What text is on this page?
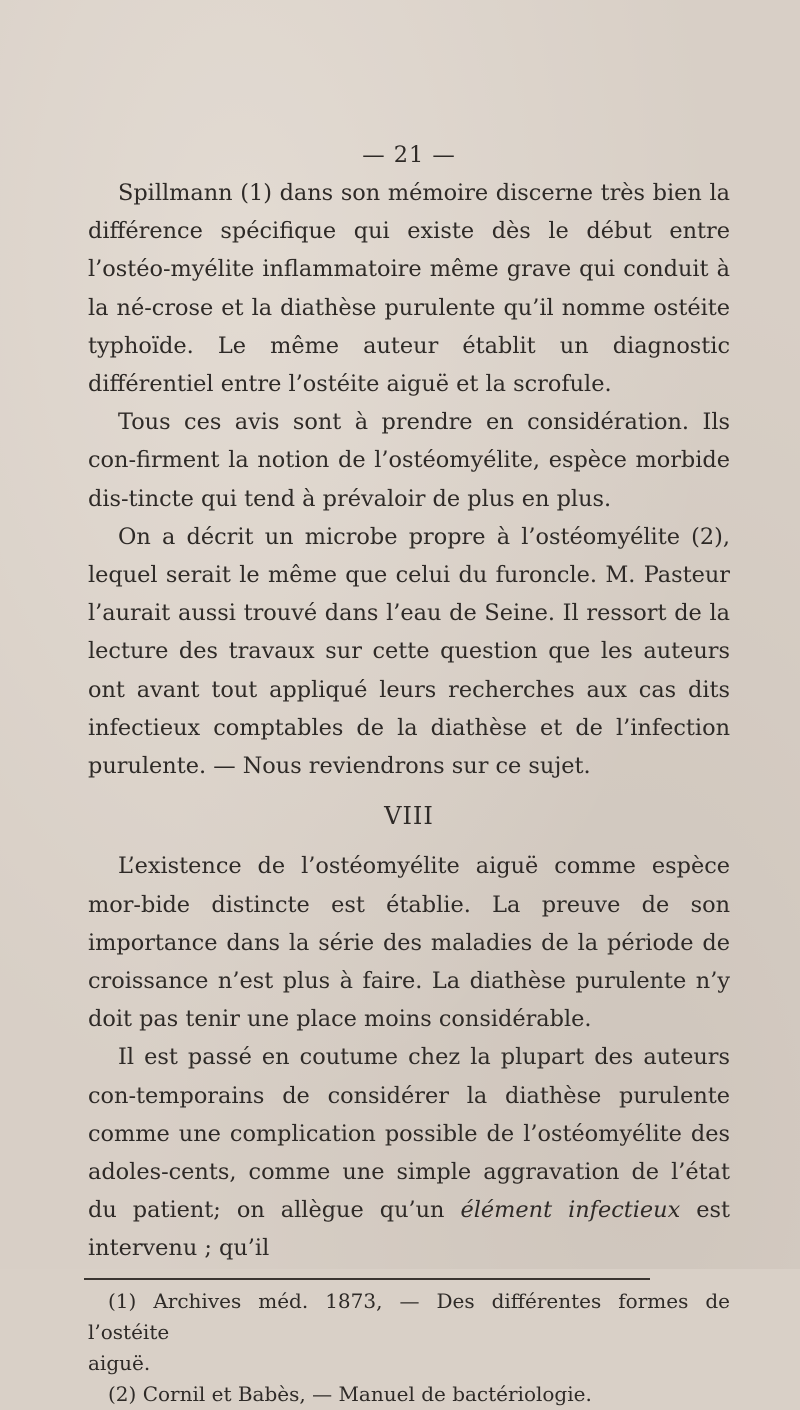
— 21 —

Spillmann (1) dans son mémoire discerne très bien la différence spécifique qui existe dès le début entre l’ostéo-myélite inflammatoire même grave qui conduit à la né-crose et la diathèse purulente qu’il nomme ostéite typhoïde. Le même auteur établit un diagnostic différentiel entre l’ostéite aiguë et la scrofule.

Tous ces avis sont à prendre en considération. Ils con-firment la notion de l’ostéomyélite, espèce morbide dis-tincte qui tend à prévaloir de plus en plus.

On a décrit un microbe propre à l’ostéomyélite (2), lequel serait le même que celui du furoncle. M. Pasteur l’aurait aussi trouvé dans l’eau de Seine. Il ressort de la lecture des travaux sur cette question que les auteurs ont avant tout appliqué leurs recherches aux cas dits infectieux comptables de la diathèse et de l’infection purulente. — Nous reviendrons sur ce sujet.

VIII

L’existence de l’ostéomyélite aiguë comme espèce mor-bide distincte est établie. La preuve de son importance dans la série des maladies de la période de croissance n’est plus à faire. La diathèse purulente n’y doit pas tenir une place moins considérable.

Il est passé en coutume chez la plupart des auteurs con-temporains de considérer la diathèse purulente comme une complication possible de l’ostéomyélite des adoles-cents, comme une simple aggravation de l’état du patient; on allègue qu’un élément infectieux est intervenu ; qu’il

(1) Archives méd. 1873, — Des différentes formes de l’ostéite

aiguë.

(2) Cornil et Babès, — Manuel de bactériologie.
